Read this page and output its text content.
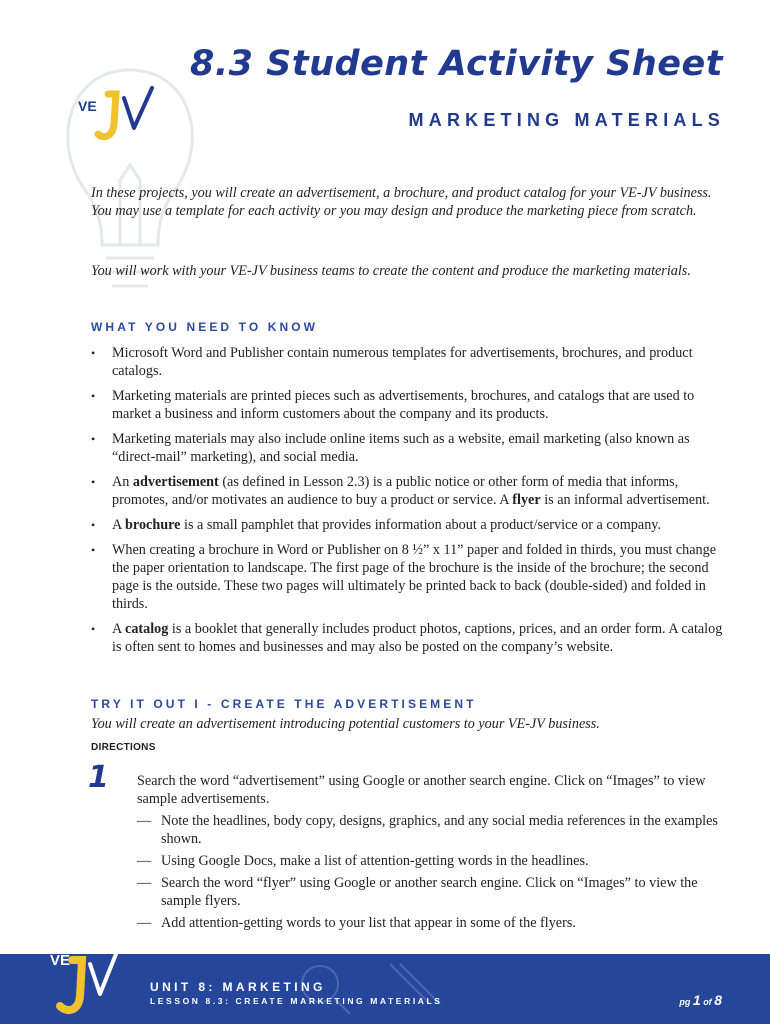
VE
8.3 Student Activity Sheet
MARKETING MATERIALS

In these projects, you will create an advertisement, a brochure, and product catalog for your VE-JV business. You may use a template for each activity or you may design and produce the marketing piece from scratch.

You will work with your VE-JV business teams to create the content and produce the marketing materials.

WHAT YOU NEED TO KNOW
• Microsoft Word and Publisher contain numerous templates for advertisements, brochures, and product catalogs.
• Marketing materials are printed pieces such as advertisements, brochures, and catalogs that are used to market a business and inform customers about the company and its products.
• Marketing materials may also include online items such as a website, email marketing (also known as “direct-mail” marketing), and social media.
• An advertisement (as defined in Lesson 2.3) is a public notice or other form of media that informs, promotes, and/or motivates an audience to buy a product or service. A flyer is an informal advertisement.
• A brochure is a small pamphlet that provides information about a product/service or a company.
• When creating a brochure in Word or Publisher on 8 ½” x 11” paper and folded in thirds, you must change the paper orientation to landscape. The first page of the brochure is the inside of the brochure; the second page is the outside. These two pages will ultimately be printed back to back (double-sided) and folded in thirds.
• A catalog is a booklet that generally includes product photos, captions, prices, and an order form. A catalog is often sent to homes and businesses and may also be posted on the company’s website.
TRY IT OUT I - CREATE THE ADVERTISEMENT

You will create an advertisement introducing potential customers to your VE-JV business.

DIRECTIONS

1 Search the word “advertisement” using Google or another search engine. Click on “Images” to view sample advertisements.

— Note the headlines, body copy, designs, graphics, and any social media references in the examples shown.
— Using Google Docs, make a list of attention-getting words in the headlines.
— Search the word “flyer” using Google or another search engine. Click on “Images” to view the sample flyers.
— Add attention-getting words to your list that appear in some of the flyers.
VE
UNIT 8: MARKETING
LESSON 8.3: CREATE MARKETING MATERIALS	pg 1 of 8
